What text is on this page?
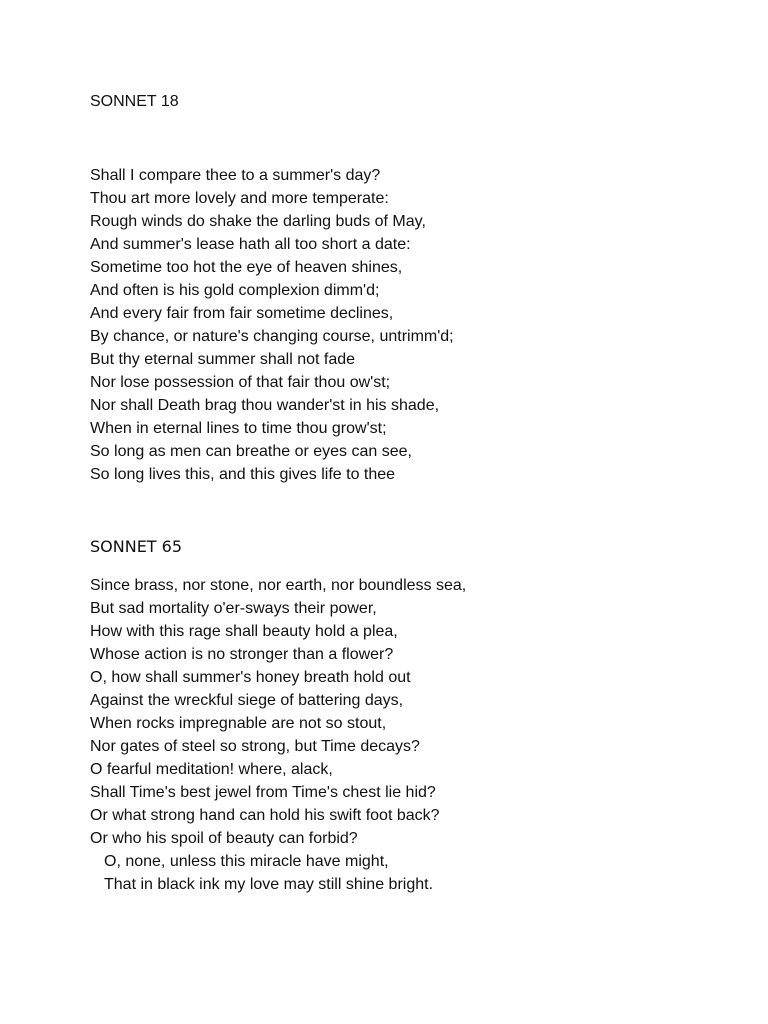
SONNET 18
Shall I compare thee to a summer's day?
Thou art more lovely and more temperate:
Rough winds do shake the darling buds of May,
And summer's lease hath all too short a date:
Sometime too hot the eye of heaven shines,
And often is his gold complexion dimm'd;
And every fair from fair sometime declines,
By chance, or nature's changing course, untrimm'd;
But thy eternal summer shall not fade
Nor lose possession of that fair thou ow'st;
Nor shall Death brag thou wander'st in his shade,
When in eternal lines to time thou grow'st;
So long as men can breathe or eyes can see,
So long lives this, and this gives life to thee
SONNET 65
Since brass, nor stone, nor earth, nor boundless sea,
But sad mortality o'er-sways their power,
How with this rage shall beauty hold a plea,
Whose action is no stronger than a flower?
O, how shall summer's honey breath hold out
Against the wreckful siege of battering days,
When rocks impregnable are not so stout,
Nor gates of steel so strong, but Time decays?
O fearful meditation! where, alack,
Shall Time's best jewel from Time's chest lie hid?
Or what strong hand can hold his swift foot back?
Or who his spoil of beauty can forbid?
O, none, unless this miracle have might,
That in black ink my love may still shine bright.
